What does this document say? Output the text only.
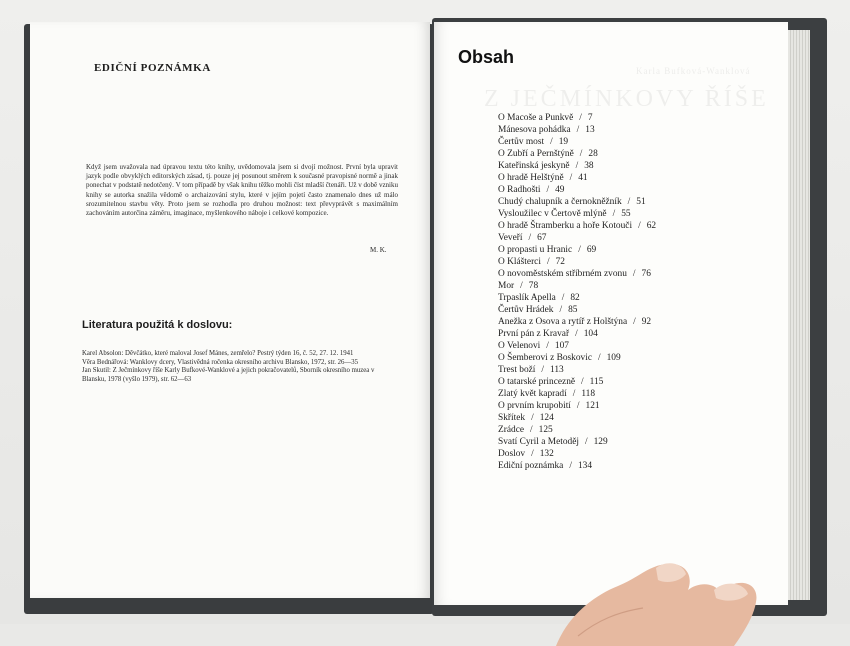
EDIČNÍ POZNÁMKA
Když jsem uvažovala nad úpravou textu této knihy, uvědomovala jsem si dvojí možnost. První byla upravit jazyk podle obvyklých editorských zásad, tj. pouze jej posunout směrem k současné pravopisné normě a jinak ponechat v podstatě nedotčený. V tom případě by však knihu těžko mohli číst mladší čtenáři. Už v době vzniku knihy se autorka snažila vědomě o archaizování stylu, které v jejím pojetí často znamenalo dnes už málo srozumitelnou stavbu věty. Proto jsem se rozhodla pro druhou možnost: text převyprávět s maximálním zachováním autorčina záměru, imaginace, myšlenkového náboje i celkové kompozice.
M. K.
Literatura použitá k doslovu:
Karel Absolon: Děvčátko, které maloval Josef Mánes, zemřelo? Pestrý týden 16, č. 52, 27. 12. 1941
Věra Bednářová: Wanklovy dcery, Vlastivědná ročenka okresního archivu Blansko, 1972, str. 26—35
Jan Skutil: Z Ječmínkovy říše Karly Bufkové-Wanklové a jejich pokračovatelů, Sborník okresního muzea v Blansku, 1978 (vyšlo 1979), str. 62—63
Obsah
O Macoše a Punkvě / 7
Mánesova pohádka / 13
Čertův most / 19
O Zubří a Pernštýně / 28
Kateřinská jeskyně / 38
O hradě Helštýně / 41
O Radhošti / 49
Chudý chalupník a černokněžník / 51
Vysloužilec v Čertově mlýně / 55
O hradě Štramberku a hoře Kotouči / 62
Veveří / 67
O propasti u Hranic / 69
O Klášterci / 72
O novoměstském stříbrném zvonu / 76
Mor / 78
Trpaslík Apella / 82
Čertův Hrádek / 85
Anežka z Osova a rytíř z Holštýna / 92
První pán z Kravař / 104
O Velenovi / 107
O Šemberovi z Boskovic / 109
Trest boží / 113
O tatarské princezně / 115
Zlatý květ kapradí / 118
O prvním krupobití / 121
Skřítek / 124
Zrádce / 125
Svatí Cyril a Metoděj / 129
Doslov / 132
Ediční poznámka / 134
